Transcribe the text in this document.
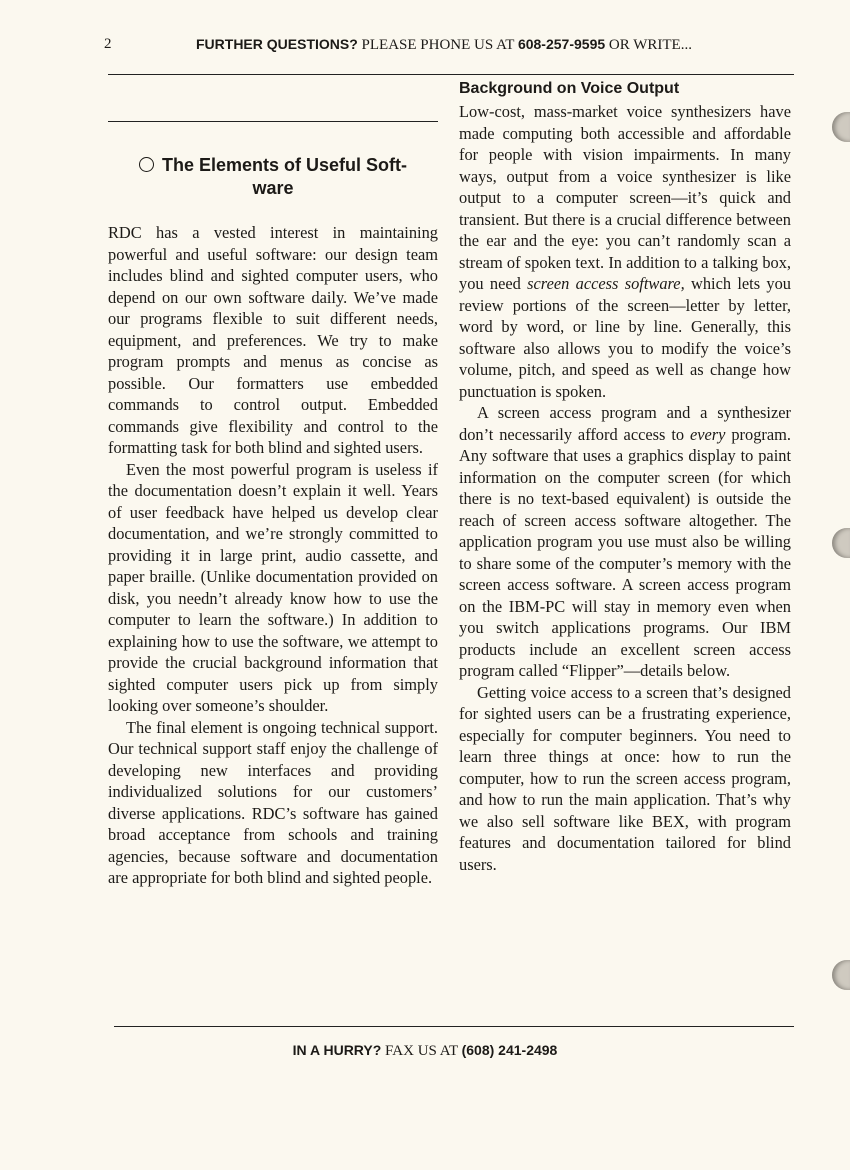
2	FURTHER QUESTIONS? PLEASE PHONE US AT 608-257-9595 OR WRITE...
The Elements of Useful Soft-
ware

RDC has a vested interest in maintaining powerful and useful software: our design team includes blind and sighted computer users, who depend on our own software daily. We’ve made our programs flexible to suit different needs, equipment, and preferences. We try to make program prompts and menus as concise as possible. Our formatters use embedded commands to control output. Embedded commands give flexibility and control to the formatting task for both blind and sighted users.

Even the most powerful program is useless if the documentation doesn’t explain it well. Years of user feedback have helped us develop clear documentation, and we’re strongly committed to providing it in large print, audio cassette, and paper braille. (Unlike documentation provided on disk, you needn’t already know how to use the computer to learn the software.) In addition to explaining how to use the software, we attempt to provide the crucial background information that sighted computer users pick up from simply looking over someone’s shoulder.

The final element is ongoing technical support. Our technical support staff enjoy the challenge of developing new interfaces and providing individualized solutions for our customers’ diverse applications. RDC’s software has gained broad acceptance from schools and training agencies, because software and documentation are appropriate for both blind and sighted people.

Background on Voice Output

Low-cost, mass-market voice synthesizers have made computing both accessible and affordable for people with vision impairments. In many ways, output from a voice synthesizer is like output to a computer screen—it’s quick and transient. But there is a crucial difference between the ear and the eye: you can’t randomly scan a stream of spoken text. In addition to a talking box, you need screen access software, which lets you review portions of the screen—letter by letter, word by word, or line by line. Generally, this software also allows you to modify the voice’s volume, pitch, and speed as well as change how punctuation is spoken.

A screen access program and a synthesizer don’t necessarily afford access to every program. Any software that uses a graphics display to paint information on the computer screen (for which there is no text-based equivalent) is outside the reach of screen access software altogether. The application program you use must also be willing to share some of the computer’s memory with the screen access software. A screen access program on the IBM-PC will stay in memory even when you switch applications programs. Our IBM products include an excellent screen access program called “Flipper”—details below.

Getting voice access to a screen that’s designed for sighted users can be a frustrating experience, especially for computer beginners. You need to learn three things at once: how to run the computer, how to run the screen access program, and how to run the main application. That’s why we also sell software like BEX, with program features and documentation tailored for blind users.

IN A HURRY? FAX US AT (608) 241-2498
